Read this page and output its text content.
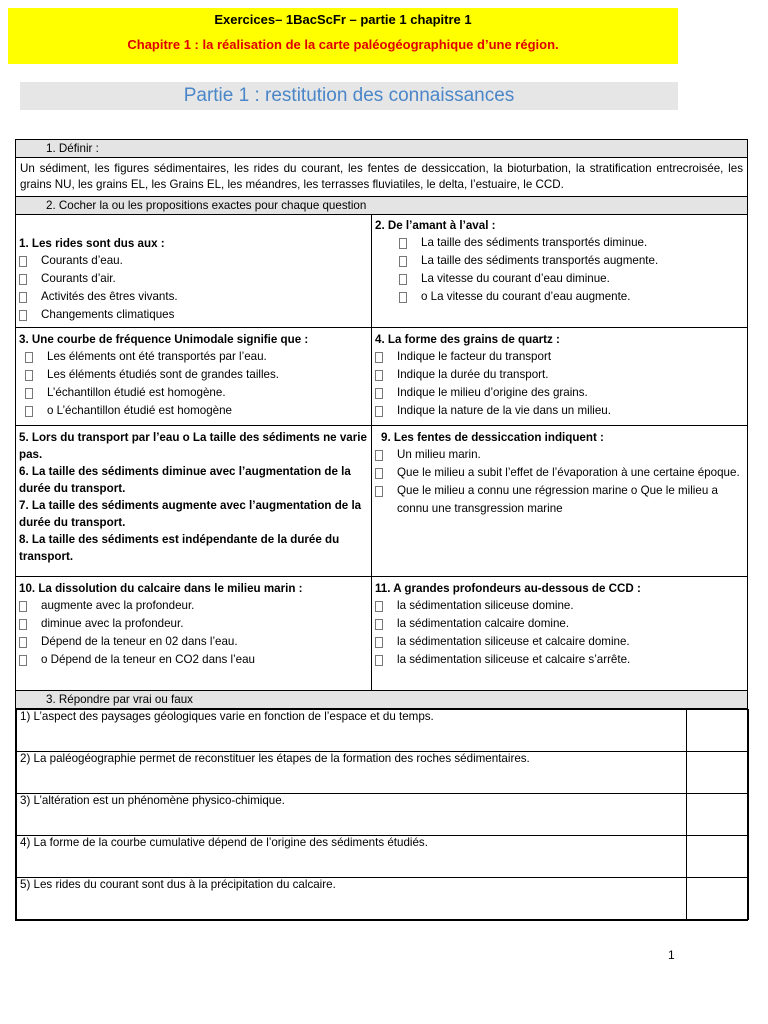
Exercices– 1BacScFr – partie 1 chapitre 1
Chapitre 1 : la réalisation de la carte paléogéographique d’une région.
Partie 1 : restitution des connaissances
1. Définir :
Un sédiment, les figures sédimentaires, les rides du courant, les fentes de dessiccation, la bioturbation, la stratification entrecroisée, les grains NU, les grains EL, les Grains EL, les méandres, les terrasses fluviatiles, le delta, l’estuaire, le CCD.
2. Cocher la ou les propositions exactes pour chaque question

1. Les rides sont dus aux :
Courants d’eau.
Courants d’air.
Activités des êtres vivants.
Changements climatiques

2. De l’amant à l’aval :
La taille des sédiments transportés diminue.
La taille des sédiments transportés augmente.
La vitesse du courant d’eau diminue.
o La vitesse du courant d’eau augmente.

3. Une courbe de fréquence Unimodale signifie que :
Les éléments ont été transportés par l’eau.
Les éléments étudiés sont de grandes tailles.
L’échantillon étudié est homogène.
o L’échantillon étudié est homogène

4. La forme des grains de quartz :
Indique le facteur du transport
Indique la durée du transport.
Indique le milieu d’origine des grains.
Indique la nature de la vie dans un milieu.

5. Lors du transport par l’eau o La taille des sédiments ne varie pas.
6. La taille des sédiments diminue avec l’augmentation de la durée du transport.
7. La taille des sédiments augmente avec l’augmentation de la durée du transport.
8. La taille des sédiments est indépendante de la durée du transport.

9. Les fentes de dessiccation indiquent :
Un milieu marin.
Que le milieu a subit l’effet de l’évaporation à une certaine époque.
Que le milieu a connu une régression marine o Que le milieu a connu une transgression marine

10. La dissolution du calcaire dans le milieu marin :
augmente avec la profondeur.
diminue avec la profondeur.
Dépend de la teneur en 02 dans l’eau.
o Dépend de la teneur en CO2 dans l’eau

11. A grandes profondeurs au-dessous de CCD :
la sédimentation siliceuse domine.
la sédimentation calcaire domine.
la sédimentation siliceuse et calcaire domine.
la sédimentation siliceuse et calcaire s’arrête.

3. Répondre par vrai ou faux

1) L’aspect des paysages géologiques varie en fonction de l’espace et du temps.	
2) La paléogéographie permet de reconstituer les étapes de la formation des roches sédimentaires.	
3) L’altération est un phénomène physico-chimique.	
4) La forme de la courbe cumulative dépend de l’origine des sédiments étudiés.	
5) Les rides du courant sont dus à la précipitation du calcaire.	
1
